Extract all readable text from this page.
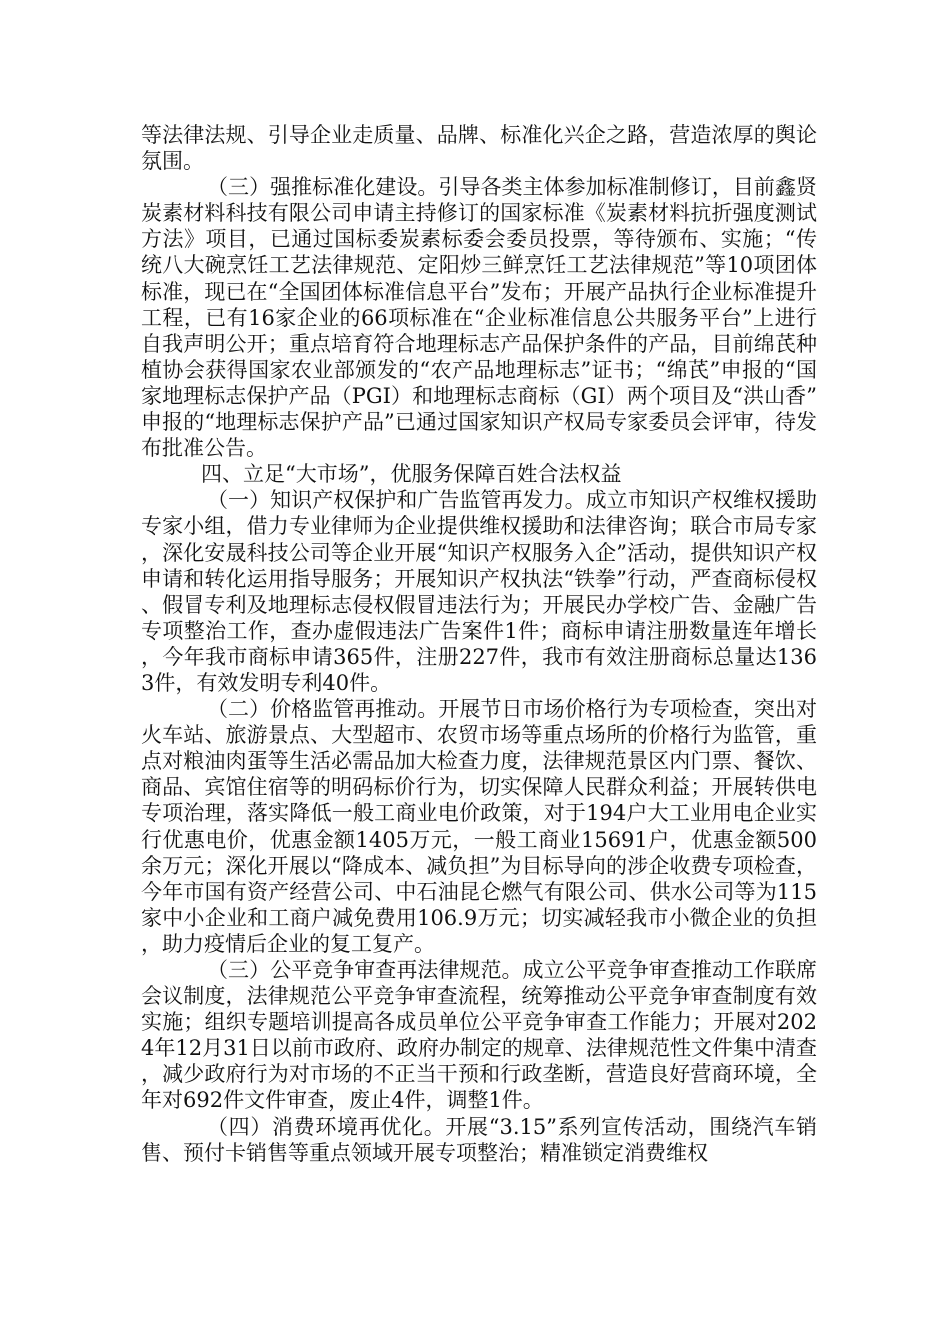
等法律法规、引导企业走质量、品牌、标准化兴企之路，营造浓厚的舆论氛围。

（三）强推标准化建设。引导各类主体参加标准制修订，目前鑫贤炭素材料科技有限公司申请主持修订的国家标准《炭素材料抗折强度测试方法》项目，已通过国标委炭素标委会委员投票，等待颁布、实施；“传统八大碗烹饪工艺法律规范、定阳炒三鲜烹饪工艺法律规范”等10项团体标准，现已在“全国团体标准信息平台”发布；开展产品执行企业标准提升工程，已有16家企业的66项标准在“企业标准信息公共服务平台”上进行自我声明公开；重点培育符合地理标志产品保护条件的产品，目前绵芪种植协会获得国家农业部颁发的“农产品地理标志”证书；“绵芪”申报的“国家地理标志保护产品（PGI）和地理标志商标（GI）两个项目及“洪山香”申报的“地理标志保护产品”已通过国家知识产权局专家委员会评审，待发布批准公告。

四、立足“大市场”，优服务保障百姓合法权益

（一）知识产权保护和广告监管再发力。成立市知识产权维权援助专家小组，借力专业律师为企业提供维权援助和法律咨询；联合市局专家，深化安晟科技公司等企业开展“知识产权服务入企”活动，提供知识产权申请和转化运用指导服务；开展知识产权执法“铁拳”行动，严查商标侵权、假冒专利及地理标志侵权假冒违法行为；开展民办学校广告、金融广告专项整治工作，查办虚假违法广告案件1件；商标申请注册数量连年增长，今年我市商标申请365件，注册227件，我市有效注册商标总量达1363件，有效发明专利40件。

（二）价格监管再推动。开展节日市场价格行为专项检查，突出对火车站、旅游景点、大型超市、农贸市场等重点场所的价格行为监管，重点对粮油肉蛋等生活必需品加大检查力度，法律规范景区内门票、餐饮、商品、宾馆住宿等的明码标价行为，切实保障人民群众利益；开展转供电专项治理，落实降低一般工商业电价政策，对于194户大工业用电企业实行优惠电价，优惠金额1405万元，一般工商业15691户，优惠金额500余万元；深化开展以“降成本、减负担”为目标导向的涉企收费专项检查，今年市国有资产经营公司、中石油昆仑燃气有限公司、供水公司等为115家中小企业和工商户减免费用106.9万元；切实减轻我市小微企业的负担，助力疫情后企业的复工复产。

（三）公平竞争审查再法律规范。成立公平竞争审查推动工作联席会议制度，法律规范公平竞争审查流程，统筹推动公平竞争审查制度有效实施；组织专题培训提高各成员单位公平竞争审查工作能力；开展对2024年12月31日以前市政府、政府办制定的规章、法律规范性文件集中清查，减少政府行为对市场的不正当干预和行政垄断，营造良好营商环境，全年对692件文件审查，废止4件，调整1件。

（四）消费环境再优化。开展“3.15”系列宣传活动，围绕汽车销售、预付卡销售等重点领域开展专项整治；精准锁定消费维权
